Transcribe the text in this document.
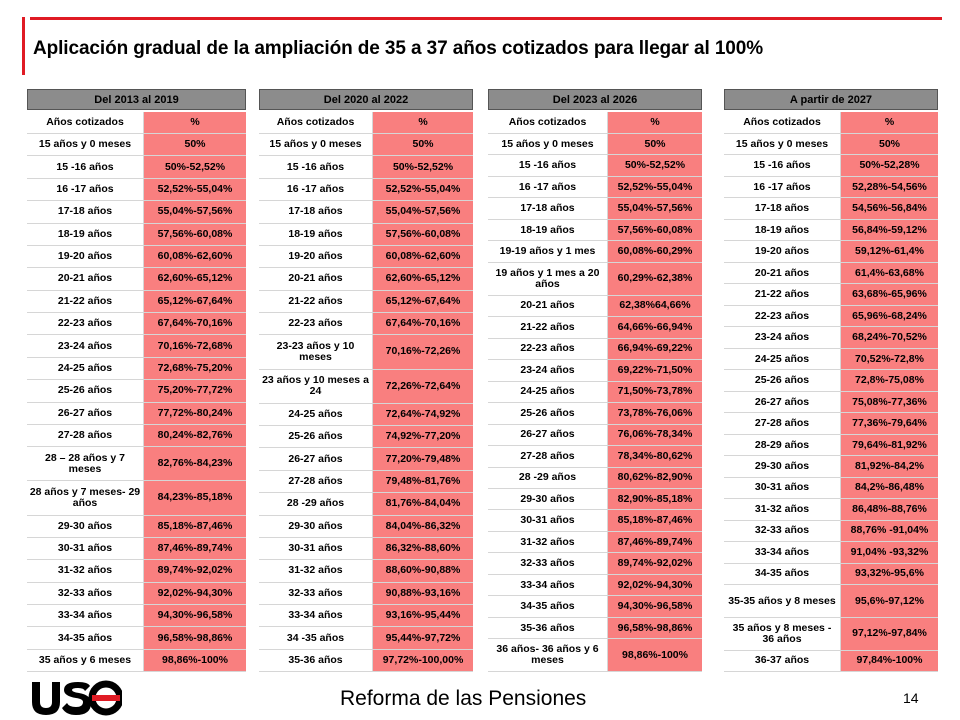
Aplicación gradual de la ampliación de 35 a 37 años cotizados para llegar al 100%
Del 2013 al 2019
Años cotizados	%
15 años y 0 meses	50%
15 -16 años	50%-52,52%
16 -17 años	52,52%-55,04%
17-18 años	55,04%-57,56%
18-19 años	57,56%-60,08%
19-20 años	60,08%-62,60%
20-21 años	62,60%-65,12%
21-22 años	65,12%-67,64%
22-23 años	67,64%-70,16%
23-24 años	70,16%-72,68%
24-25 años	72,68%-75,20%
25-26 años	75,20%-77,72%
26-27 años	77,72%-80,24%
27-28 años	80,24%-82,76%
28 – 28 años y 7 meses	82,76%-84,23%
28 años y 7 meses- 29 años	84,23%-85,18%
29-30 años	85,18%-87,46%
30-31 años	87,46%-89,74%
31-32 años	89,74%-92,02%
32-33 años	92,02%-94,30%
33-34 años	94,30%-96,58%
34-35 años	96,58%-98,86%
35 años y 6 meses	98,86%-100%
Del 2020 al 2022
Años cotizados	%
15 años y 0 meses	50%
15 -16 años	50%-52,52%
16 -17 años	52,52%-55,04%
17-18 años	55,04%-57,56%
18-19 años	57,56%-60,08%
19-20 años	60,08%-62,60%
20-21 años	62,60%-65,12%
21-22 años	65,12%-67,64%
22-23 años	67,64%-70,16%
23-23 años y 10 meses	70,16%-72,26%
23 años y 10 meses a 24	72,26%-72,64%
24-25 años	72,64%-74,92%
25-26 años	74,92%-77,20%
26-27 años	77,20%-79,48%
27-28 años	79,48%-81,76%
28 -29 años	81,76%-84,04%
29-30 años	84,04%-86,32%
30-31 años	86,32%-88,60%
31-32 años	88,60%-90,88%
32-33 años	90,88%-93,16%
33-34 años	93,16%-95,44%
34 -35 años	95,44%-97,72%
35-36 años	97,72%-100,00%
Del 2023 al 2026
Años cotizados	%
15 años y 0 meses	50%
15 -16 años	50%-52,52%
16 -17 años	52,52%-55,04%
17-18 años	55,04%-57,56%
18-19 años	57,56%-60,08%
19-19 años y 1 mes	60,08%-60,29%
19 años y 1 mes a 20 años	60,29%-62,38%
20-21 años	62,38%64,66%
21-22 años	64,66%-66,94%
22-23 años	66,94%-69,22%
23-24 años	69,22%-71,50%
24-25 años	71,50%-73,78%
25-26 años	73,78%-76,06%
26-27 años	76,06%-78,34%
27-28 años	78,34%-80,62%
28 -29 años	80,62%-82,90%
29-30 años	82,90%-85,18%
30-31 años	85,18%-87,46%
31-32 años	87,46%-89,74%
32-33 años	89,74%-92,02%
33-34 años	92,02%-94,30%
34-35 años	94,30%-96,58%
35-36 años	96,58%-98,86%
36 años- 36 años y 6 meses	98,86%-100%
A partir de 2027
Años cotizados	%
15 años y 0 meses	50%
15 -16 años	50%-52,28%
16 -17 años	52,28%-54,56%
17-18 años	54,56%-56,84%
18-19 años	56,84%-59,12%
19-20 años	59,12%-61,4%
20-21 años	61,4%-63,68%
21-22 años	63,68%-65,96%
22-23 años	65,96%-68,24%
23-24 años	68,24%-70,52%
24-25 años	70,52%-72,8%
25-26 años	72,8%-75,08%
26-27 años	75,08%-77,36%
27-28 años	77,36%-79,64%
28-29 años	79,64%-81,92%
29-30 años	81,92%-84,2%
30-31 años	84,2%-86,48%
31-32 años	86,48%-88,76%
32-33 años	88,76% -91,04%
33-34 años	91,04% -93,32%
34-35 años	93,32%-95,6%
35-35 años y 8 meses	95,6%-97,12%
35 años y 8 meses - 36 años	97,12%-97,84%
36-37 años	97,84%-100%
Reforma de las Pensiones	14
